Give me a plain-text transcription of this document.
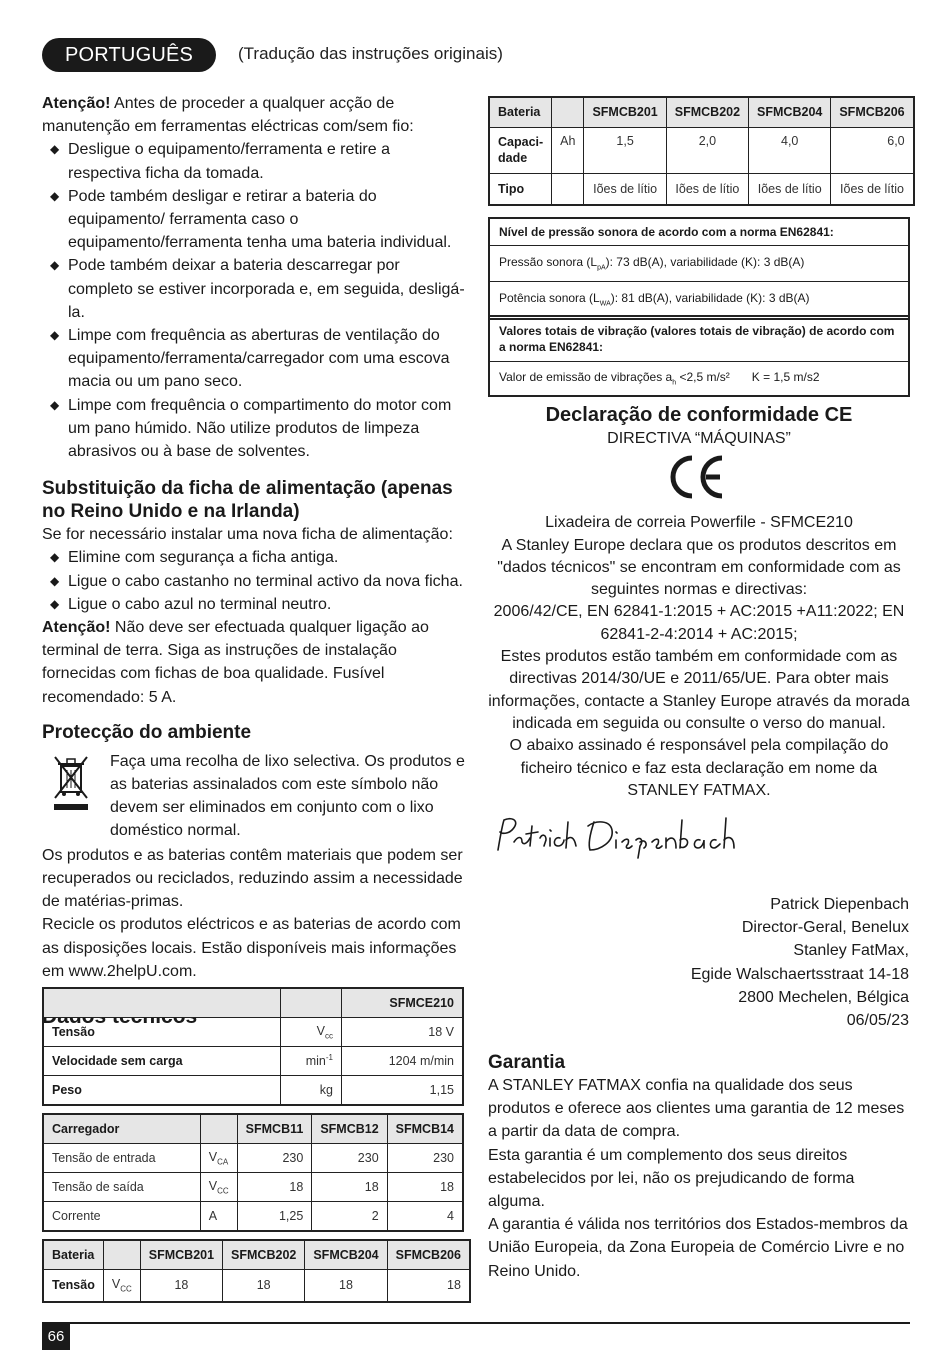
PORTUGUÊS	(Tradução das instruções originais)

Atenção! Antes de proceder a qualquer acção de manutenção em ferramentas eléctricas com/sem fio:

◆ Desligue o equipamento/ferramenta e retire a respectiva ficha da tomada.
◆ Pode também desligar e retirar a bateria do equipamento/ ferramenta caso o equipamento/ferramenta tenha uma bateria individual.
◆ Pode também deixar a bateria descarregar por completo se estiver incorporada e, em seguida, desligá-la.
◆ Limpe com frequência as aberturas de ventilação do equipamento/ferramenta/carregador com uma escova macia ou um pano seco.
◆ Limpe com frequência o compartimento do motor com um pano húmido. Não utilize produtos de limpeza abrasivos ou à base de solventes.

Substituição da ficha de alimentação (apenas no Reino Unido e na Irlanda)

Se for necessário instalar uma nova ficha de alimentação:

◆ Elimine com segurança a ficha antiga.
◆ Ligue o cabo castanho no terminal activo da nova ficha.
◆ Ligue o cabo azul no terminal neutro.

Atenção! Não deve ser efectuada qualquer ligação ao terminal de terra. Siga as instruções de instalação fornecidas com fichas de boa qualidade. Fusível recomendado: 5 A.

Protecção do ambiente

Faça uma recolha de lixo selectiva. Os produtos e as baterias assinalados com este símbolo não devem ser eliminados em conjunto com o lixo doméstico normal.

Os produtos e as baterias contêm materiais que podem ser recuperados ou reciclados, reduzindo assim a necessidade de matérias-primas.

Recicle os produtos eléctricos e as baterias de acordo com as disposições locais. Estão disponíveis mais informações em www.2helpU.com.

Dados técnicos

		SFMCE210
Tensão	$V_{cc}$	18 V
Velocidade sem carga	$\min^{-1}$	1204 m/min
Peso	kg	1,15
Carregador		SFMCB11	SFMCB12	SFMCB14
Tensão de entrada	$V_{CA}$	230	230	230
Tensão de saída	$V_{CC}$	18	18	18
Corrente	A	1,25	2	4
Bateria		SFMCB201	SFMCB202	SFMCB204	SFMCB206
Tensão	$V_{CC}$	18	18	18	18
Bateria		SFMCB201	SFMCB202	SFMCB204	SFMCB206
Capaci-
dade	Ah	1,5	2,0	4,0	6,0
Tipo		Iões de lítio	Iões de lítio	Iões de lítio	Iões de lítio
Nível de pressão sonora de acordo com a norma EN62841:
Pressão sonora $(L_{pA})$: 73 dB(A), variabilidade (K): 3 dB(A)
Potência sonora $(L_{WA})$: 81 dB(A), variabilidade (K): 3 dB(A)
Valores totais de vibração (valores totais de vibração) de acordo com a norma EN62841:
Valor de emissão de vibrações $a_h <2,5$ m/s² K = 1,5 m/s2

Declaração de conformidade CE

DIRECTIVA “MÁQUINAS”

Lixadeira de correia Powerfile - SFMCE210

A Stanley Europe declara que os produtos descritos em "dados técnicos" se encontram em conformidade com as seguintes normas e directivas:

2006/42/CE, EN 62841-1:2015 + AC:2015 +A11:2022; EN 62841-2-4:2014 + AC:2015;

Estes produtos estão também em conformidade com as directivas 2014/30/UE e 2011/65/UE. Para obter mais informações, contacte a Stanley Europe através da morada indicada em seguida ou consulte o verso do manual.

O abaixo assinado é responsável pela compilação do ficheiro técnico e faz esta declaração em nome da STANLEY FATMAX.

Patrick Diepenbach
Director-Geral, Benelux
Stanley FatMax,
Egide Walschaertsstraat 14-18
2800 Mechelen, Bélgica
06/05/23

Garantia

A STANLEY FATMAX confia na qualidade dos seus produtos e oferece aos clientes uma garantia de 12 meses a partir da data de compra.

Esta garantia é um complemento dos seus direitos estabelecidos por lei, não os prejudicando de forma alguma.

A garantia é válida nos territórios dos Estados-membros da União Europeia, da Zona Europeia de Comércio Livre e no Reino Unido.

66
